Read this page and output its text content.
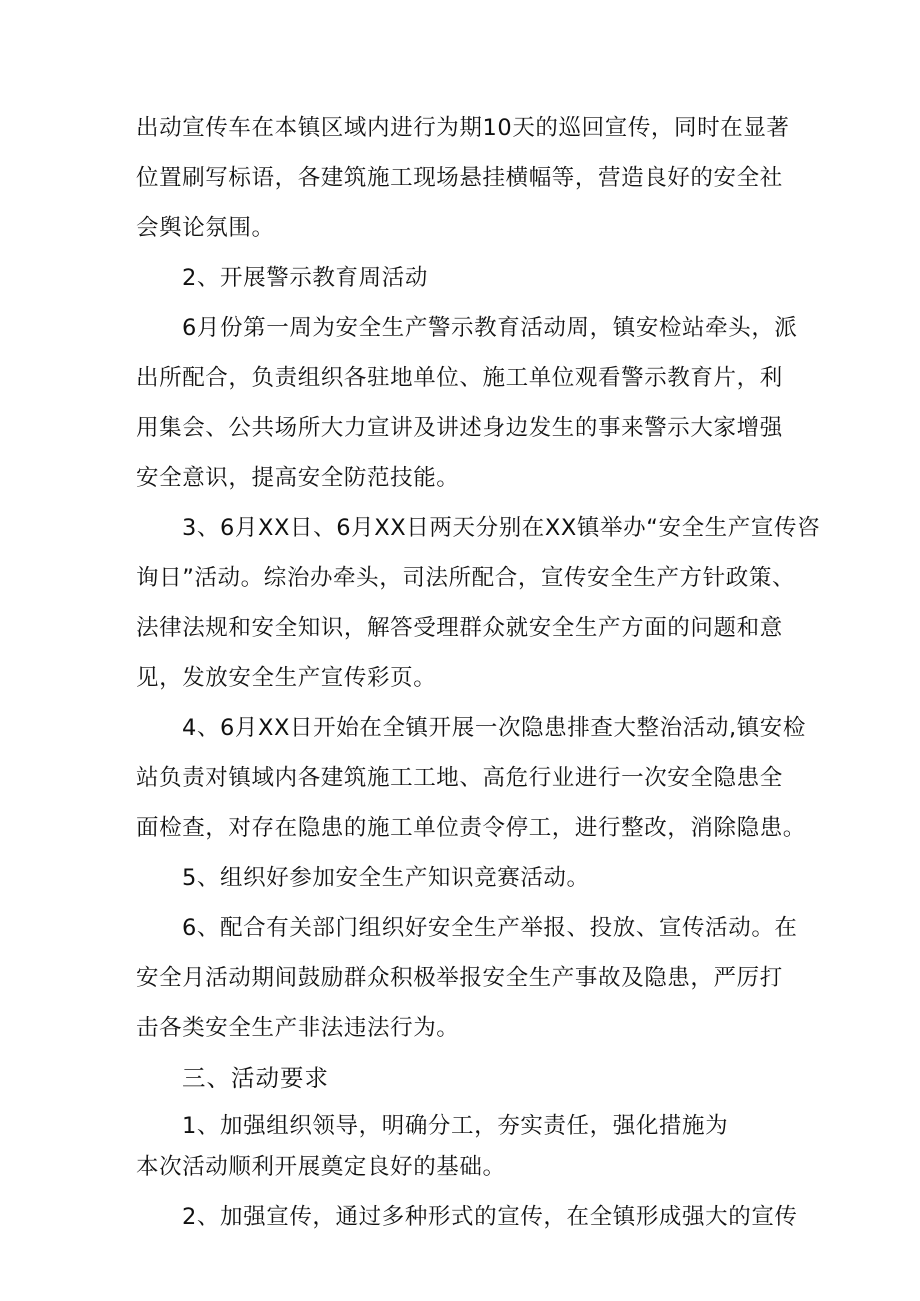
出动宣传车在本镇区域内进行为期10天的巡回宣传，同时在显著
位置刷写标语，各建筑施工现场悬挂横幅等，营造良好的安全社
会舆论氛围。
2、开展警示教育周活动
6月份第一周为安全生产警示教育活动周，镇安检站牵头，派
出所配合，负责组织各驻地单位、施工单位观看警示教育片，利
用集会、公共场所大力宣讲及讲述身边发生的事来警示大家增强
安全意识，提高安全防范技能。
3、6月XX日、6月XX日两天分别在XX镇举办“安全生产宣传咨
询日”活动。综治办牵头，司法所配合，宣传安全生产方针政策、
法律法规和安全知识，解答受理群众就安全生产方面的问题和意
见，发放安全生产宣传彩页。
4、6月XX日开始在全镇开展一次隐患排查大整治活动,镇安检
站负责对镇域内各建筑施工工地、高危行业进行一次安全隐患全
面检查，对存在隐患的施工单位责令停工，进行整改，消除隐患。
5、组织好参加安全生产知识竞赛活动。
6、配合有关部门组织好安全生产举报、投放、宣传活动。在
安全月活动期间鼓励群众积极举报安全生产事故及隐患，严厉打
击各类安全生产非法违法行为。
三、活动要求
1、加强组织领导，明确分工，夯实责任，强化措施为
本次活动顺利开展奠定良好的基础。
2、加强宣传，通过多种形式的宣传，在全镇形成强大的宣传
